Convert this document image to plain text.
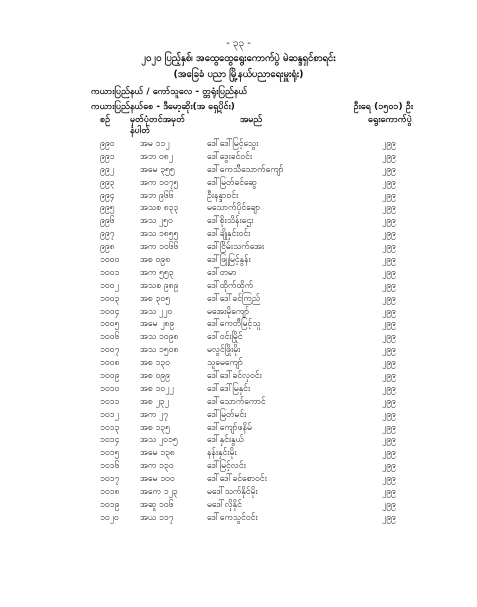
- ၃၃ -
၂၀၂၀ ပြည့်နှစ်၊ အထွေထွေရွေးကောက်ပွဲ မဲဆန္ဒရှင်စာရင်း
(အခြေခံ ပညာ မြို့နယ်ပညာရေးမှူးရုံး)
ကယားပြည်နယ် / ကော်သူလေ - တ္တရုံးပြည်နယ်
ကယားပြည်နယ်စေ - ဒီမော့ဆိုး(အ ရှေ့ပိုင်း)	ဦးရေ (၁၅၀၁) ဦး
စဉ် မှတ်ပုံတင်အမှတ်
နံပါတ်
အမည်	ရွေးကောက်ပွဲ
၉၉၀	အမ ၁၁၂	ဒေါ်ဒေါ်မြင့်သွေး	၂၉၉
၉၉၁	အဘ ၀၈၂	ဒေါ်ဒွေးခင်ဝင်း	၂၉၉
၉၉၂	အမေ ၃၅၅	ဒေါ်ကေသီသောက်ကျော်	၂၉၉
၉၉၃	အက ၁၀၇၅	ဒေါ်မြတ်ခင်ဆွေ	၂၉၉
၉၉၄	အဘ ၉၆၆	ဦးနန္ဒာဝင်း	၂၉၉
၉၉၅	အသစ ၈၃၃	မသောက်ပိုင်ချော	၂၉၉
၉၉၆	အသ ၂၅၀	ဒေါ်စိုးသိန်းဌေး	၂၉၉
၉၉၇	အသ ၁၈၅၅	ဒေါ်ချိုနှင်းဝင်း	၂၉၉
၉၉၈	အက ၁၀၆၆	ဒေါ်ငြိမ်းသက်အေး	၂၉၉
၁၀၀၀ အစ ၀၉၈	ဒေါ်ဖြူမြင့်နွန်း	၂၉၉
၁၀၀၁ အက ၅၅၃	ဒေါ်တမာ	၂၉၉
၁၀၀၂ အသစ ၉၈၉	ဒေါ်ထိုက်ထိုက်	၂၉၉
၁၀၀၃ အစ ၃၀၅	ဒေါ်ဒေါ်ခင်ကြည်	၂၉၉
၁၀၀၄ အသ ၂၂၀	မအေးမိုကျော်	၂၉၉
၁၀၀၅ အမေ ၂၈၉	ဒေါ်ကေတီမြင့်သူ	၂၉၉
၁၀၀၆ အသ ၁၀၉၈	ဒေါ်ဝင်းမြိုင်	၂၉၉
၁၀၀၇ အသ ၁၅၀၈	မလွင်ဖြိုးမိုး	၂၉၉
၁၀၀၈ အစ ၁၃၀	သူမေကျော်	၂၉၉
၁၀၀၉ အစ ၀၉၉	ဒေါ်ဒေါ်ခင်လှဝင်း	၂၉၉
၁၀၁၀ အစ ၁၀၂၂	ဒေါ်ဒေါ်မြနှင်း	၂၉၉
၁၀၁၁ အစ ၂၃၂	ဒေါ်သောက်ကောင်	၂၉၉
၁၀၁၂ အက ၂၇	ဒေါ်မြတ်မင်း	၂၉၉
၁၀၁၃ အစ ၁၃၅	ဒေါ်ကျော်ဖနိမ်	၂၉၉
၁၀၁၄ အသ ၂၀၁၅	ဒေါ်နှင်းနွယ်	၂၉၉
၁၀၁၅ အမေ ၁၃၈	နန်းနှင်းမိုး	၂၉၉
၁၀၁၆ အက ၁၃၀	ဒေါ်မြင့်လင်း	၂၉၉
၁၀၁၇ အမေ ၁၀၀	ဒေါ်ဒေါ်ခင်စောဝင်း	၂၉၉
၁၀၁၈ အကေ ၁၂၃	မဒေါ်သက်နိုင်မိုး	၂၉၉
၁၀၁၉ အဆူ ၁၀၆	မဒေါ်လိုနိုင်	၂၉၉
၁၀၂၀ အယ ၁၁၇	ဒေါ်ကေသွင်ဝင်း	၂၉၉
